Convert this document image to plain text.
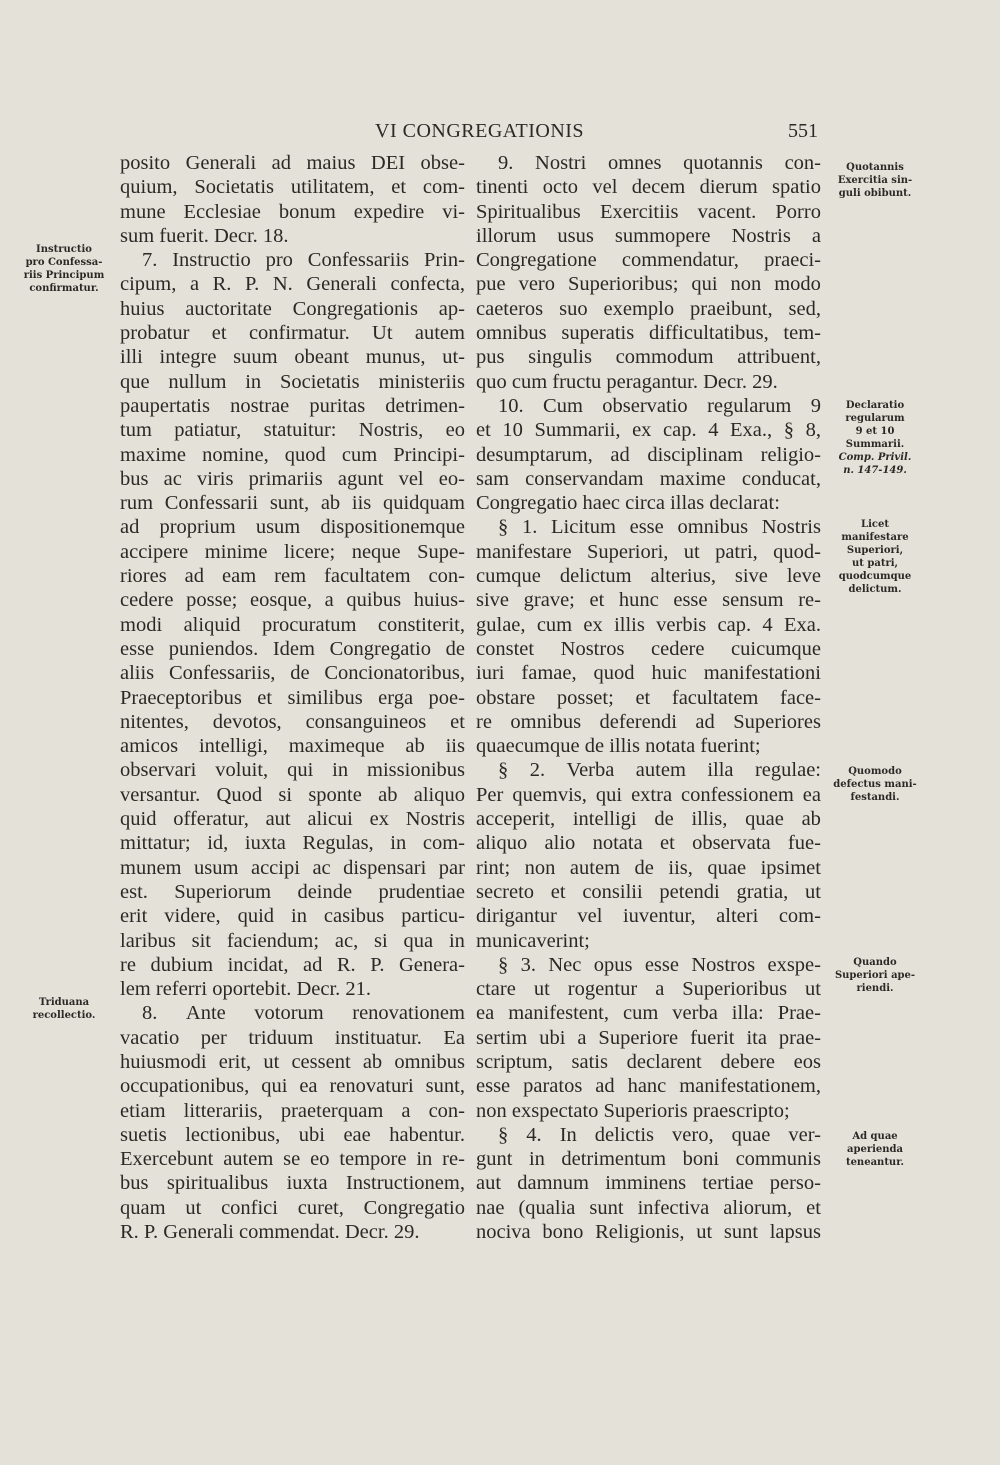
VI CONGREGATIONIS	551
Instructio
pro Confessa-
riis Principum
confirmatur.
Triduana
recollectio.
Quotannis
Exercitia sin-
guli obibunt.
Declaratio
regularum
9 et 10
Summarii.
Comp. Privil.
n. 147-149.
Licet
manifestare
Superiori,
ut patri,
quodcumque
delictum.
Quomodo
defectus mani-
festandi.
Quando
Superiori ape-
riendi.
Ad quae
aperienda
teneantur.
posito Generali ad maius DEI obse-
quium, Societatis utilitatem, et com-
mune Ecclesiae bonum expedire vi-
sum fuerit. Decr. 18.
7. Instructio pro Confessariis Prin-
cipum, a R. P. N. Generali confecta,
huius auctoritate Congregationis ap-
probatur et confirmatur. Ut autem
illi integre suum obeant munus, ut-
que nullum in Societatis ministeriis
paupertatis nostrae puritas detrimen-
tum patiatur, statuitur: Nostris, eo
maxime nomine, quod cum Principi-
bus ac viris primariis agunt vel eo-
rum Confessarii sunt, ab iis quidquam
ad proprium usum dispositionemque
accipere minime licere; neque Supe-
riores ad eam rem facultatem con-
cedere posse; eosque, a quibus huius-
modi aliquid procuratum constiterit,
esse puniendos. Idem Congregatio de
aliis Confessariis, de Concionatoribus,
Praeceptoribus et similibus erga poe-
nitentes, devotos, consanguineos et
amicos intelligi, maximeque ab iis
observari voluit, qui in missionibus
versantur. Quod si sponte ab aliquo
quid offeratur, aut alicui ex Nostris
mittatur; id, iuxta Regulas, in com-
munem usum accipi ac dispensari par
est. Superiorum deinde prudentiae
erit videre, quid in casibus particu-
laribus sit faciendum; ac, si qua in
re dubium incidat, ad R. P. Genera-
lem referri oportebit. Decr. 21.
8. Ante votorum renovationem
vacatio per triduum instituatur. Ea
huiusmodi erit, ut cessent ab omnibus
occupationibus, qui ea renovaturi sunt,
etiam litterariis, praeterquam a con-
suetis lectionibus, ubi eae habentur.
Exercebunt autem se eo tempore in re-
bus spiritualibus iuxta Instructionem,
quam ut confici curet, Congregatio
R. P. Generali commendat. Decr. 29.
9. Nostri omnes quotannis con-
tinenti octo vel decem dierum spatio
Spiritualibus Exercitiis vacent. Porro
illorum usus summopere Nostris a
Congregatione commendatur, praeci-
pue vero Superioribus; qui non modo
caeteros suo exemplo praeibunt, sed,
omnibus superatis difficultatibus, tem-
pus singulis commodum attribuent,
quo cum fructu peragantur. Decr. 29.
10. Cum observatio regularum 9
et 10 Summarii, ex cap. 4 Exa., § 8,
desumptarum, ad disciplinam religio-
sam conservandam maxime conducat,
Congregatio haec circa illas declarat:
§ 1. Licitum esse omnibus Nostris
manifestare Superiori, ut patri, quod-
cumque delictum alterius, sive leve
sive grave; et hunc esse sensum re-
gulae, cum ex illis verbis cap. 4 Exa.
constet Nostros cedere cuicumque
iuri famae, quod huic manifestationi
obstare posset; et facultatem face-
re omnibus deferendi ad Superiores
quaecumque de illis notata fuerint;
§ 2. Verba autem illa regulae:
Per quemvis, qui extra confessionem ea
acceperit, intelligi de illis, quae ab
aliquo alio notata et observata fue-
rint; non autem de iis, quae ipsimet
secreto et consilii petendi gratia, ut
dirigantur vel iuventur, alteri com-
municaverint;
§ 3. Nec opus esse Nostros exspe-
ctare ut rogentur a Superioribus ut
ea manifestent, cum verba illa: Prae-
sertim ubi a Superiore fuerit ita prae-
scriptum, satis declarent debere eos
esse paratos ad hanc manifestationem,
non exspectato Superioris praescripto;
§ 4. In delictis vero, quae ver-
gunt in detrimentum boni communis
aut damnum imminens tertiae perso-
nae (qualia sunt infectiva aliorum, et
nociva bono Religionis, ut sunt lapsus
